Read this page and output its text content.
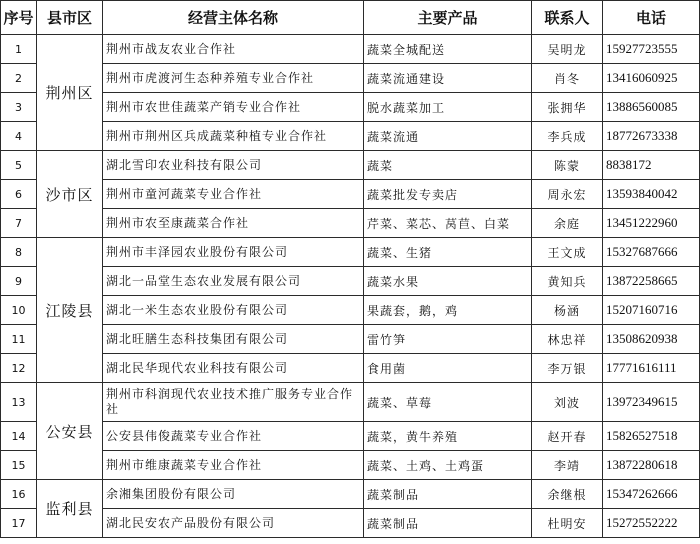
序号	县市区	经营主体名称	主要产品	联系人	电话
1	荆州区	荆州市战友农业合作社	蔬菜全城配送	吴明龙	15927723555
2		荆州市虎渡河生态种养殖专业合作社	蔬菜流通建设	肖冬	13416060925
3		荆州市农世佳蔬菜产销专业合作社	脱水蔬菜加工	张拥华	13886560085
4		荆州市荆州区兵成蔬菜种植专业合作社	蔬菜流通	李兵成	18772673338
5	沙市区	湖北雪印农业科技有限公司	蔬菜	陈蒙	8838172
6		荆州市童河蔬菜专业合作社	蔬菜批发专卖店	周永宏	13593840042
7		荆州市农至康蔬菜合作社	芹菜、菜芯、莴苣、白菜	余庭	13451222960
8	江陵县	荆州市丰泽园农业股份有限公司	蔬菜、生猪	王文成	15327687666
9		湖北一品堂生态农业发展有限公司	蔬菜水果	黄知兵	13872258665
10		湖北一米生态农业股份有限公司	果蔬套，鹅，鸡	杨涵	15207160716
11		湖北旺膳生态科技集团有限公司	雷竹笋	林忠祥	13508620938
12		湖北民华现代农业科技有限公司	食用菌	李万银	17771616111
13	公安县	荆州市科润现代农业技术推广服务专业合作社	蔬菜、草莓	刘波	13972349615
14		公安县伟俊蔬菜专业合作社	蔬菜，黄牛养殖	赵开春	15826527518
15		荆州市维康蔬菜专业合作社	蔬菜、土鸡、土鸡蛋	李靖	13872280618
16	监利县	余湘集团股份有限公司	蔬菜制品	余继根	15347262666
17		湖北民安农产品股份有限公司	蔬菜制品	杜明安	15272552222
